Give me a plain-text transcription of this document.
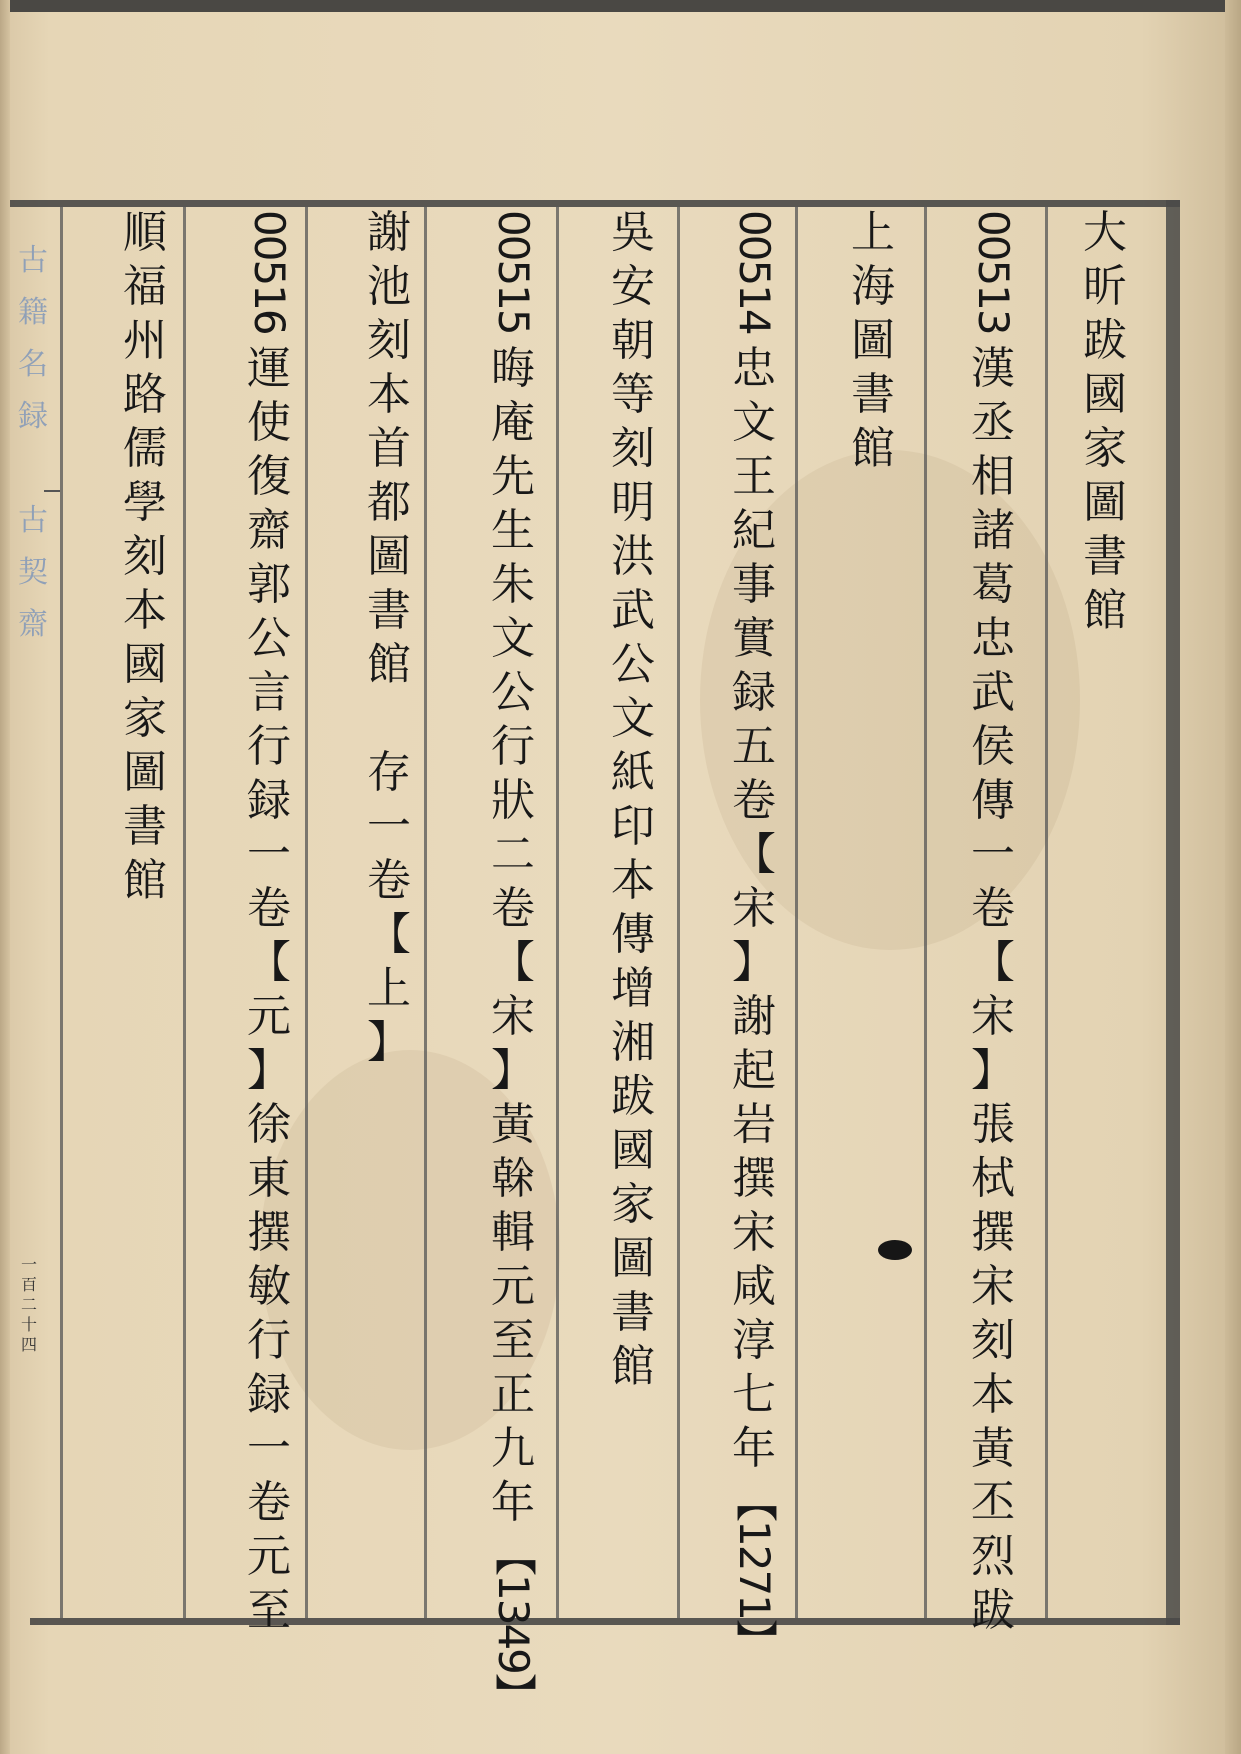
古
籍
名
録

古
契
齋
一
百
二
十
四
大
昕
跋
國
家
圖
書
館
00513
漢
丞
相
諸
葛
忠
武
侯
傳
一
卷
【
宋
】
張
栻
撰
宋
刻
本
黃
丕
烈
跋
上
海
圖
書
館
00514
忠
文
王
紀
事
實
録
五
卷
【
宋
】
謝
起
岩
撰
宋
咸
淳
七
年
【1271】
吳
安
朝
等
刻
明
洪
武
公
文
紙
印
本
傳
增
湘
跋
國
家
圖
書
館
00515
晦
庵
先
生
朱
文
公
行
狀
二
卷
【
宋
】
黃
榦
輯
元
至
正
九
年
【1349】
謝
池
刻
本
首
都
圖
書
館

存
一
卷
【
上
】
00516
運
使
復
齋
郭
公
言
行
録
一
卷
【
元
】
徐
東
撰
敏
行
録
一
卷
元
至
順
福
州
路
儒
學
刻
本
國
家
圖
書
館
